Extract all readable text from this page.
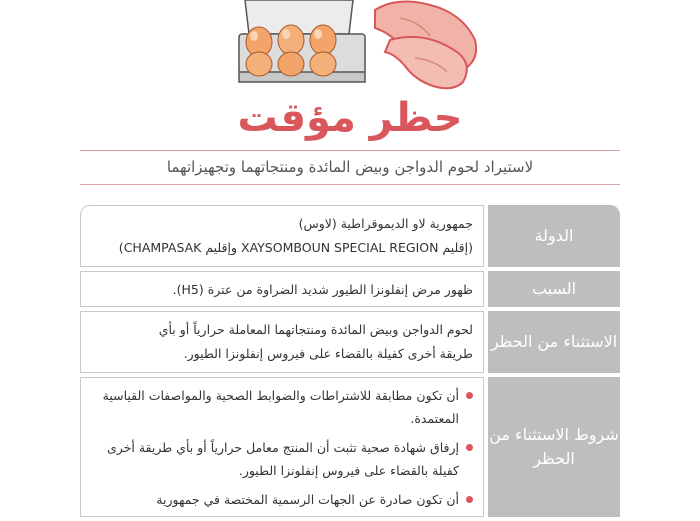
حظر مؤقت
لاستيراد لحوم الدواجن وبيض المائدة ومنتجاتهما وتجهيزاتهما
الدولة

جمهورية لاو الديموقراطية (لاوس)

(إقليم XAYSOMBOUN SPECIAL REGION وإقليم CHAMPASAK)

السبب

ظهور مرض إنفلونزا الطيور شديد الضراوة من عترة (H5).

الاستثناء من الحظر

لحوم الدواجن وبيض المائدة ومنتجاتهما المعاملة حرارياً أو بأي

طريقة أخرى كفيلة بالقضاء على فيروس إنفلونزا الطيور.

شروط الاستثناء من الحظر
أن تكون مطابقة للاشتراطات والضوابط الصحية والمواصفات القياسية المعتمدة.
إرفاق شهادة صحية تثبت أن المنتج معامل حرارياً أو بأي طريقة أخرى كفيلة بالقضاء على فيروس إنفلونزا الطيور.
أن تكون صادرة عن الجهات الرسمية المختصة في جمهورية
